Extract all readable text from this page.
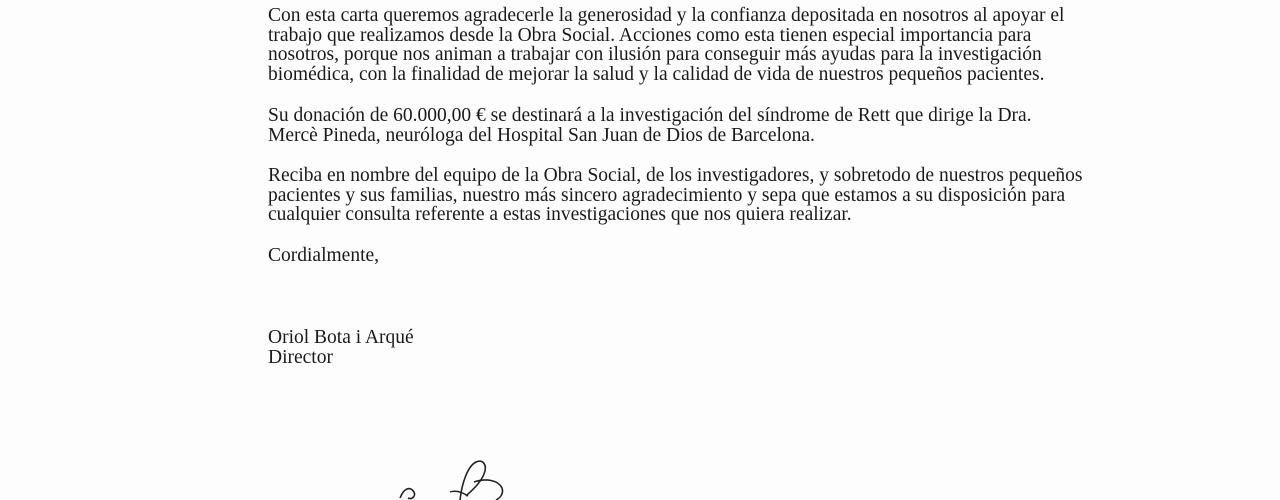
Con esta carta queremos agradecerle la generosidad y la confianza depositada en nosotros al apoyar el
trabajo que realizamos desde la Obra Social. Acciones como esta tienen especial importancia para
nosotros, porque nos animan a trabajar con ilusión para conseguir más ayudas para la investigación
biomédica, con la finalidad de mejorar la salud y la calidad de vida de nuestros pequeños pacientes.

Su donación de 60.000,00 € se destinará a la investigación del síndrome de Rett que dirige la Dra.
Mercè Pineda, neuróloga del Hospital San Juan de Dios de Barcelona.

Reciba en nombre del equipo de la Obra Social, de los investigadores, y sobretodo de nuestros pequeños
pacientes y sus familias, nuestro más sincero agradecimiento y sepa que estamos a su disposición para
cualquier consulta referente a estas investigaciones que nos quiera realizar.

Cordialmente,

Oriol Bota i Arqué
Director
